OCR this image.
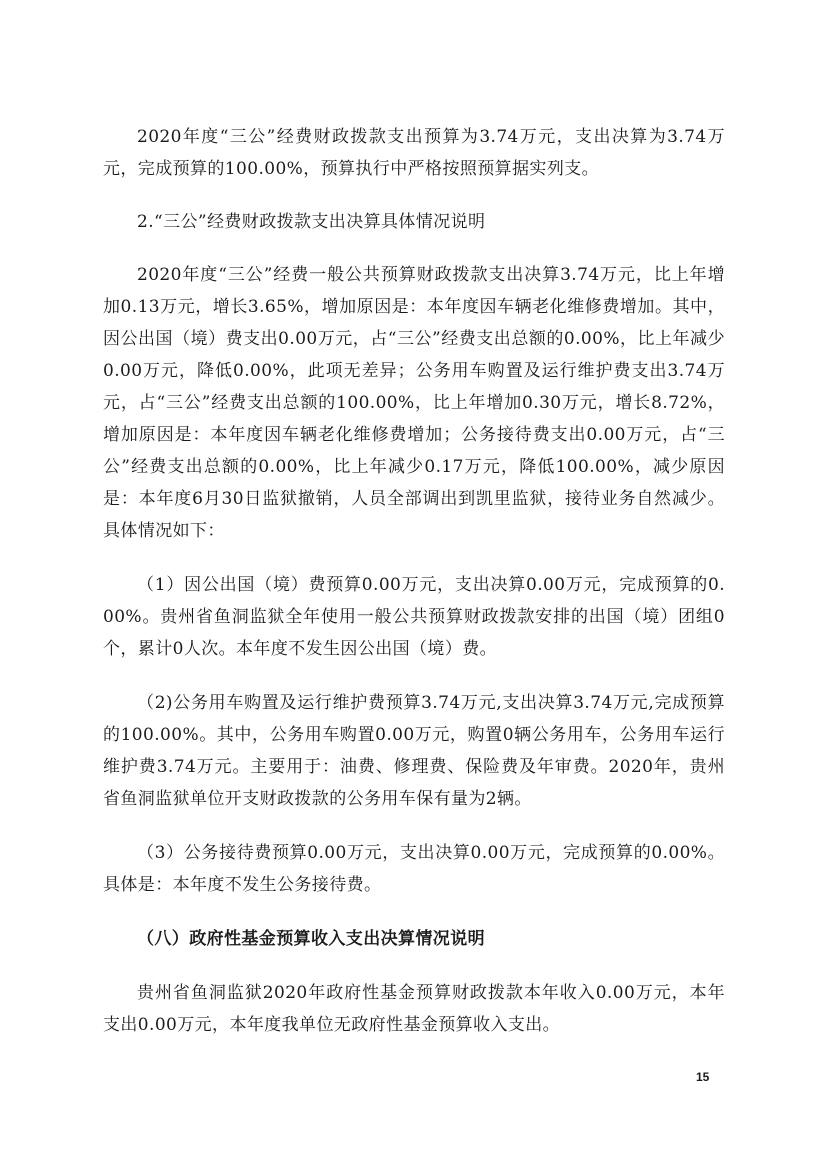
2020年度“三公”经费财政拨款支出预算为3.74万元，支出决算为3.74万元，完成预算的100.00%，预算执行中严格按照预算据实列支。

2.“三公”经费财政拨款支出决算具体情况说明

2020年度“三公”经费一般公共预算财政拨款支出决算3.74万元，比上年增加0.13万元，增长3.65%，增加原因是：本年度因车辆老化维修费增加。其中，因公出国（境）费支出0.00万元，占“三公”经费支出总额的0.00%，比上年减少0.00万元，降低0.00%，此项无差异；公务用车购置及运行维护费支出3.74万元，占“三公”经费支出总额的100.00%，比上年增加0.30万元，增长8.72%，增加原因是：本年度因车辆老化维修费增加；公务接待费支出0.00万元，占“三公”经费支出总额的0.00%，比上年减少0.17万元，降低100.00%，减少原因是：本年度6月30日监狱撤销，人员全部调出到凯里监狱，接待业务自然减少。具体情况如下：

（1）因公出国（境）费预算0.00万元，支出决算0.00万元，完成预算的0.00%。贵州省鱼洞监狱全年使用一般公共预算财政拨款安排的出国（境）团组0个，累计0人次。本年度不发生因公出国（境）费。

（2)公务用车购置及运行维护费预算3.74万元,支出决算3.74万元,完成预算的100.00%。其中，公务用车购置0.00万元，购置0辆公务用车，公务用车运行维护费3.74万元。主要用于：油费、修理费、保险费及年审费。2020年，贵州省鱼洞监狱单位开支财政拨款的公务用车保有量为2辆。

（3）公务接待费预算0.00万元，支出决算0.00万元，完成预算的0.00%。具体是：本年度不发生公务接待费。

（八）政府性基金预算收入支出决算情况说明

贵州省鱼洞监狱2020年政府性基金预算财政拨款本年收入0.00万元，本年支出0.00万元，本年度我单位无政府性基金预算收入支出。

15
